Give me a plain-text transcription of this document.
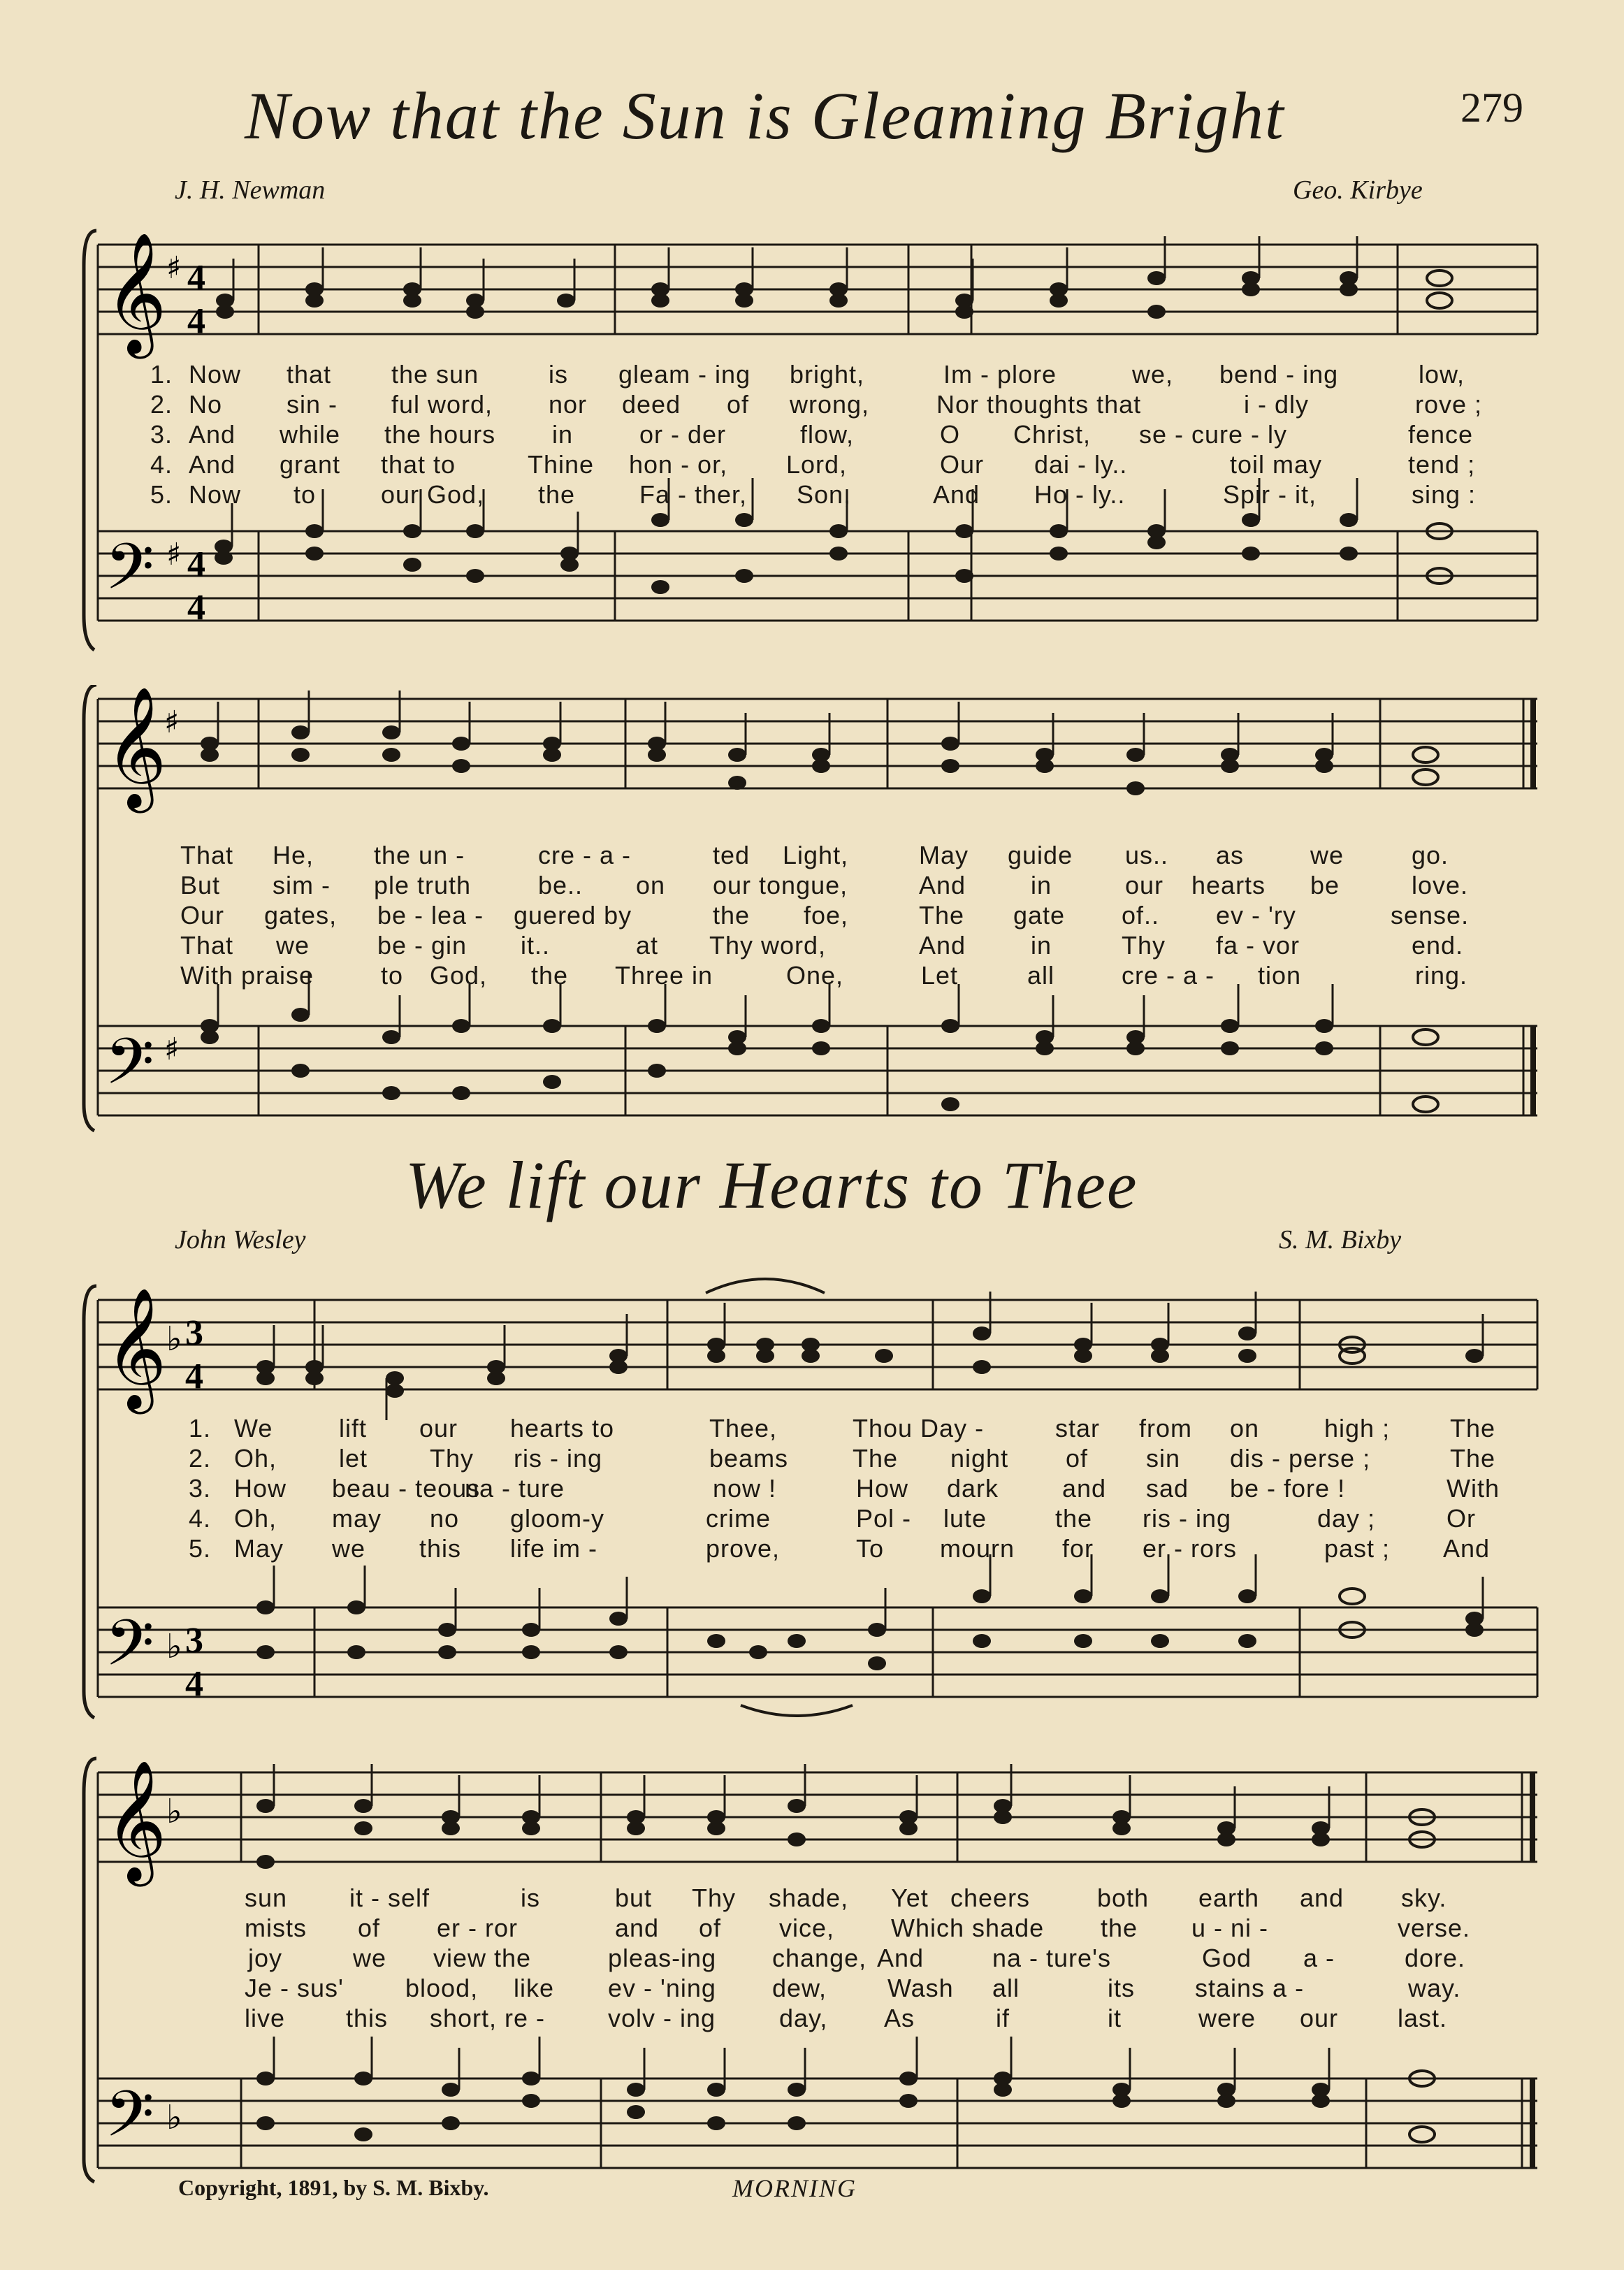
Now that the Sun is Gleaming Bright	279
J. H. Newman	Geo. Kirbye
𝄞
𝄢
♯
♯
4
4
4
4
1. Now that the sun	is gleam - ing bright,	Im - plore	we, bend - ing	low,
2. No	sin - ful word, nor deed of wrong,	Nor thoughts that	i - dly	rove ;
3. And while the hours in	or - der	flow,	O Christ, se - cure - ly	fence
4. And grant that to	Thine hon - or, Lord,	Our dai - ly..	toil may	tend ;
5. Now to	our God, the	Fa - ther, Son,	And Ho - ly..	Spir - it,	sing :
𝄞
𝄢
♯
♯
That He, the un -	cre - a -	ted Light,	May guide us.. as	we	go.
But sim - ple truth	be.. on our tongue,	And	in	our hearts be	love.
Our gates, be - lea - guered by	the foe,	The gate of.. ev - 'ry	sense.
That we	be - gin it..	at Thy word,	And	in	Thy fa - vor	end.
With praise	to God, the Three in	One,	Let	all	cre - a - tion	ring.
We lift our Hearts to Thee
John Wesley	S. M. Bixby
𝄞
𝄢
♭
♭
3
4
3
4
1. We	lift our hearts to	Thee,	Thou Day -	star from on	high ; The
2. Oh, let Thy ris - ing	beams	The night of sin dis - perse ;	The
3. How beau - teous
na - ture	now !	How dark	and sad be - fore !	With
4. Oh, may no gloom-y	crime	Pol - lute	the ris - ing	day ;	Or
5. May we this life im -	prove,	To mourn for er - rors	past ; And
𝄞
𝄢
♭
♭
sun it - self	is	but Thy shade, Yet cheers	both earth and sky.
mists of er - ror	and of vice, Which shade the u - ni -	verse.
joy	we view the	pleas-ing change, And	na - ture's	God a -	dore.
Je - sus' blood, like ev - 'ning dew, Wash all	its stains a -	way.
live this short, re - volv - ing	day, As	if	it	were our last.
Copyright, 1891, by S. M. Bixby.	MORNING
